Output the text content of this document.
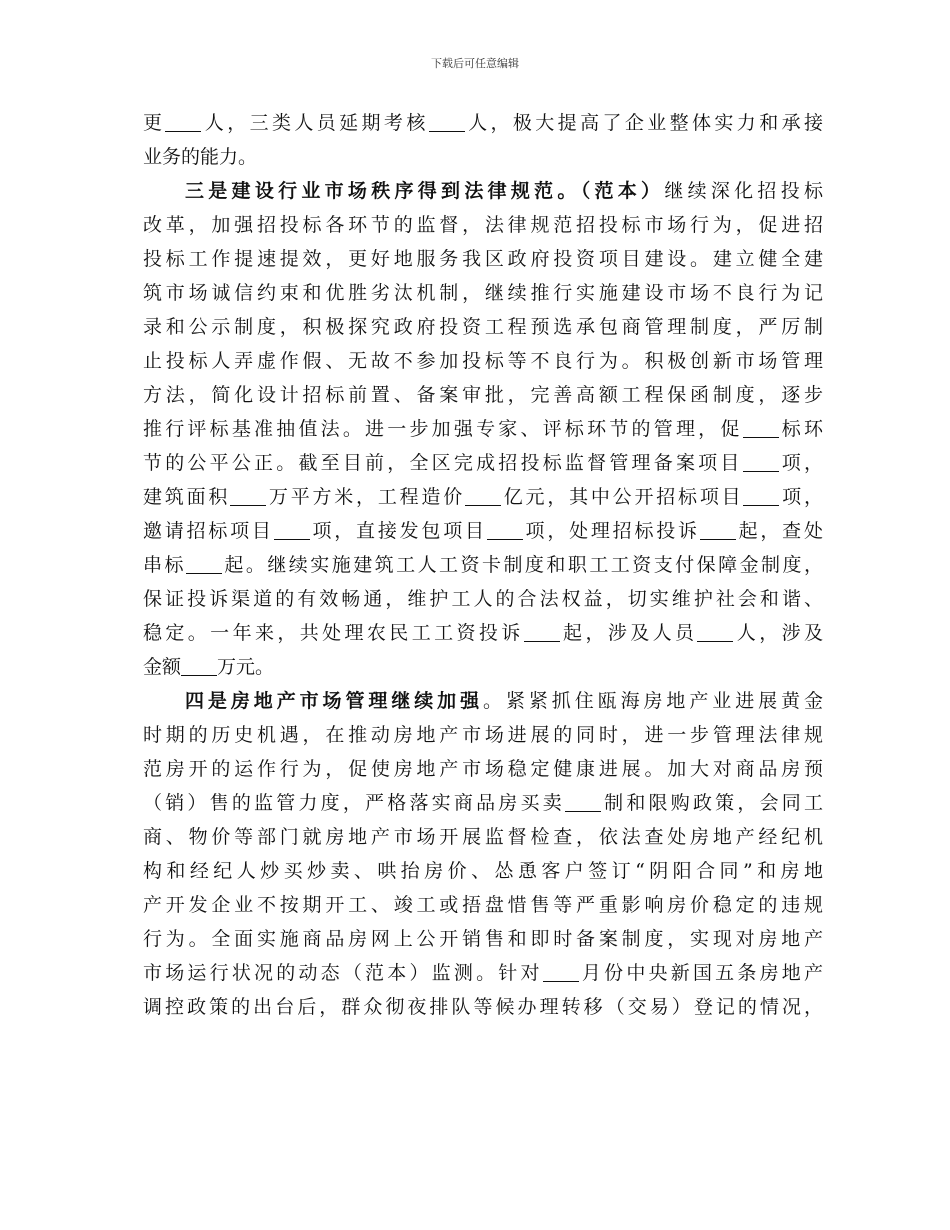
下载后可任意编辑
更 人，三类人员延期考核 人，极大提高了企业整体实力和承接
业务的能力。
三是建设行业市场秩序得到法律规范。（范本）继续深化招投标
改革，加强招投标各环节的监督，法律规范招投标市场行为，促进招
投标工作提速提效，更好地服务我区政府投资项目建设。建立健全建
筑市场诚信约束和优胜劣汰机制，继续推行实施建设市场不良行为记
录和公示制度，积极探究政府投资工程预选承包商管理制度，严厉制
止投标人弄虚作假、无故不参加投标等不良行为。积极创新市场管理
方法，简化设计招标前置、备案审批，完善高额工程保函制度，逐步
推行评标基准抽值法。进一步加强专家、评标环节的管理，促 标环
节的公平公正。截至目前，全区完成招投标监督管理备案项目 项，
建筑面积 万平方米，工程造价 亿元，其中公开招标项目 项，
邀请招标项目 项，直接发包项目 项，处理招标投诉 起，查处
串标 起。继续实施建筑工人工资卡制度和职工工资支付保障金制度，
保证投诉渠道的有效畅通，维护工人的合法权益，切实维护社会和谐、
稳定。一年来，共处理农民工工资投诉 起，涉及人员 人，涉及
金额 万元。
四是房地产市场管理继续加强。紧紧抓住瓯海房地产业进展黄金
时期的历史机遇，在推动房地产市场进展的同时，进一步管理法律规
范房开的运作行为，促使房地产市场稳定健康进展。加大对商品房预
（销）售的监管力度，严格落实商品房买卖 制和限购政策，会同工
商、物价等部门就房地产市场开展监督检查，依法查处房地产经纪机
构和经纪人炒买炒卖、哄抬房价、怂恿客户签订“阴阳合同”和房地
产开发企业不按期开工、竣工或捂盘惜售等严重影响房价稳定的违规
行为。全面实施商品房网上公开销售和即时备案制度，实现对房地产
市场运行状况的动态（范本）监测。针对 月份中央新国五条房地产
调控政策的出台后，群众彻夜排队等候办理转移（交易）登记的情况，
